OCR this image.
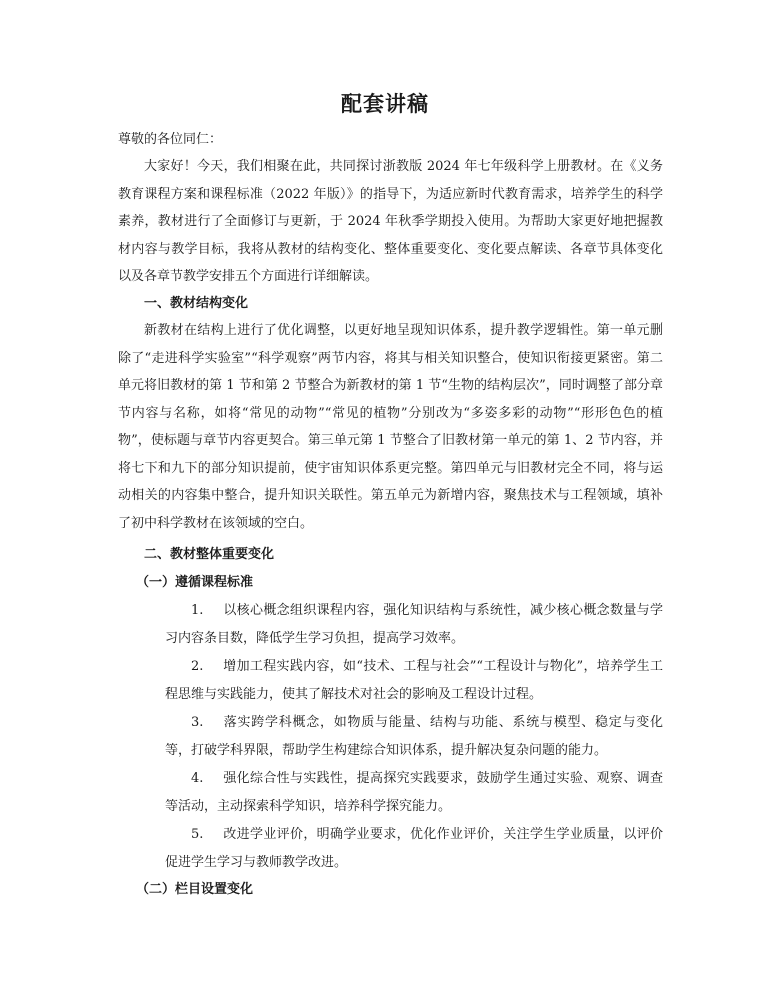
配套讲稿

尊敬的各位同仁：

大家好！今天，我们相聚在此，共同探讨浙教版 2024 年七年级科学上册教材。在《义务教育课程方案和课程标准（2022 年版）》的指导下，为适应新时代教育需求，培养学生的科学素养，教材进行了全面修订与更新，于 2024 年秋季学期投入使用。为帮助大家更好地把握教材内容与教学目标，我将从教材的结构变化、整体重要变化、变化要点解读、各章节具体变化以及各章节教学安排五个方面进行详细解读。

一、教材结构变化

新教材在结构上进行了优化调整，以更好地呈现知识体系，提升教学逻辑性。第一单元删除了“走进科学实验室”“科学观察”两节内容，将其与相关知识整合，使知识衔接更紧密。第二单元将旧教材的第 1 节和第 2 节整合为新教材的第 1 节“生物的结构层次”，同时调整了部分章节内容与名称，如将“常见的动物”“常见的植物”分别改为“多姿多彩的动物”“形形色色的植物”，使标题与章节内容更契合。第三单元第 1 节整合了旧教材第一单元的第 1、2 节内容，并将七下和九下的部分知识提前，使宇宙知识体系更完整。第四单元与旧教材完全不同，将与运动相关的内容集中整合，提升知识关联性。第五单元为新增内容，聚焦技术与工程领域，填补了初中科学教材在该领域的空白。

二、教材整体重要变化

（一）遵循课程标准

1. 以核心概念组织课程内容，强化知识结构与系统性，减少核心概念数量与学习内容条目数，降低学生学习负担，提高学习效率。

2. 增加工程实践内容，如“技术、工程与社会”“工程设计与物化”，培养学生工程思维与实践能力，使其了解技术对社会的影响及工程设计过程。

3. 落实跨学科概念，如物质与能量、结构与功能、系统与模型、稳定与变化等，打破学科界限，帮助学生构建综合知识体系，提升解决复杂问题的能力。

4. 强化综合性与实践性，提高探究实践要求，鼓励学生通过实验、观察、调查等活动，主动探索科学知识，培养科学探究能力。

5. 改进学业评价，明确学业要求，优化作业评价，关注学生学业质量，以评价促进学生学习与教师教学改进。

（二）栏目设置变化
